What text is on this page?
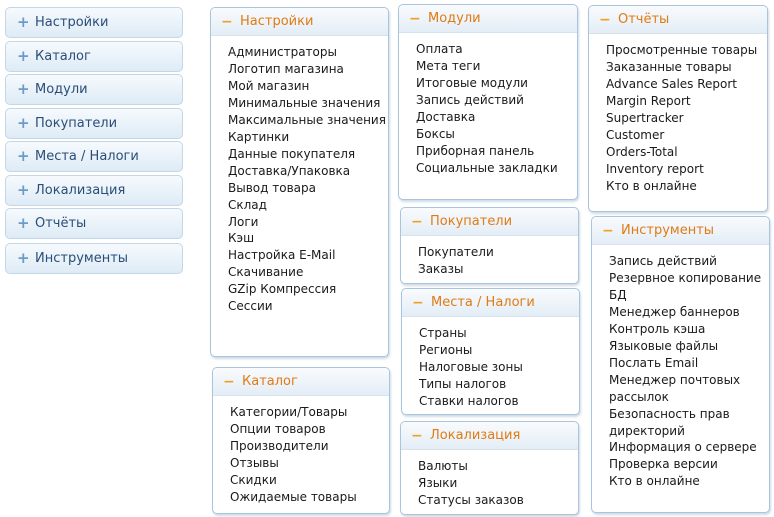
+ Настройки
+ Каталог
+ Модули
+ Покупатели
+ Места / Налоги
+ Локализация
+ Отчёты
+ Инструменты
− Настройки
Администраторы
Логотип магазина
Мой магазин
Минимальные значения
Максимальные значения
Картинки
Данные покупателя
Доставка/Упаковка
Вывод товара
Склад
Логи
Кэш
Настройка E-Mail
Скачивание
GZip Компрессия
Сессии
− Каталог
Категории/Товары
Опции товаров
Производители
Отзывы
Скидки
Ожидаемые товары
− Модули
Оплата
Мета теги
Итоговые модули
Запись действий
Доставка
Боксы
Приборная панель
Социальные закладки
− Покупатели
Покупатели
Заказы
− Места / Налоги
Страны
Регионы
Налоговые зоны
Типы налогов
Ставки налогов
− Локализация
Валюты
Языки
Статусы заказов
− Отчёты
Просмотренные товары
Заказанные товары
Advance Sales Report
Margin Report
Supertracker
Customer
Orders-Total
Inventory report
Кто в онлайне
− Инструменты
Запись действий
Резервное копирование БД
Менеджер баннеров
Контроль кэша
Языковые файлы
Послать Email
Менеджер почтовых рассылок
Безопасность прав директорий
Информация о сервере
Проверка версии
Кто в онлайне
